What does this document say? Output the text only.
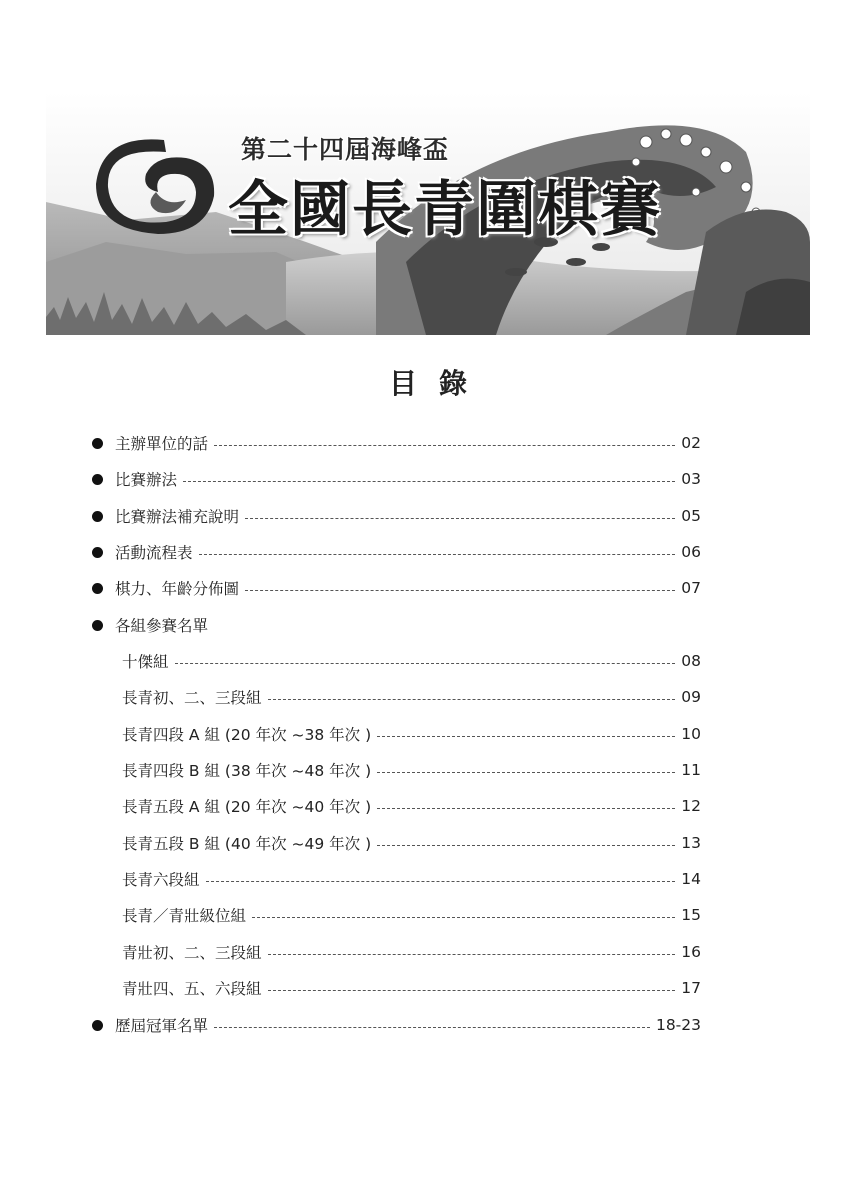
第二十四屆海峰盃
全國長青圍棋賽
目錄
主辦單位的話	02
比賽辦法	03
比賽辦法補充說明	05
活動流程表	06
棋力、年齡分佈圖	07
各組參賽名單
十傑組	08
長青初、二、三段組	09
長青四段 A 組 (20 年次 ~38 年次 )	10
長青四段 B 組 (38 年次 ~48 年次 )	11
長青五段 A 組 (20 年次 ~40 年次 )	12
長青五段 B 組 (40 年次 ~49 年次 )	13
長青六段組	14
長青／青壯級位組	15
青壯初、二、三段組	16
青壯四、五、六段組	17
歷屆冠軍名單	18-23
